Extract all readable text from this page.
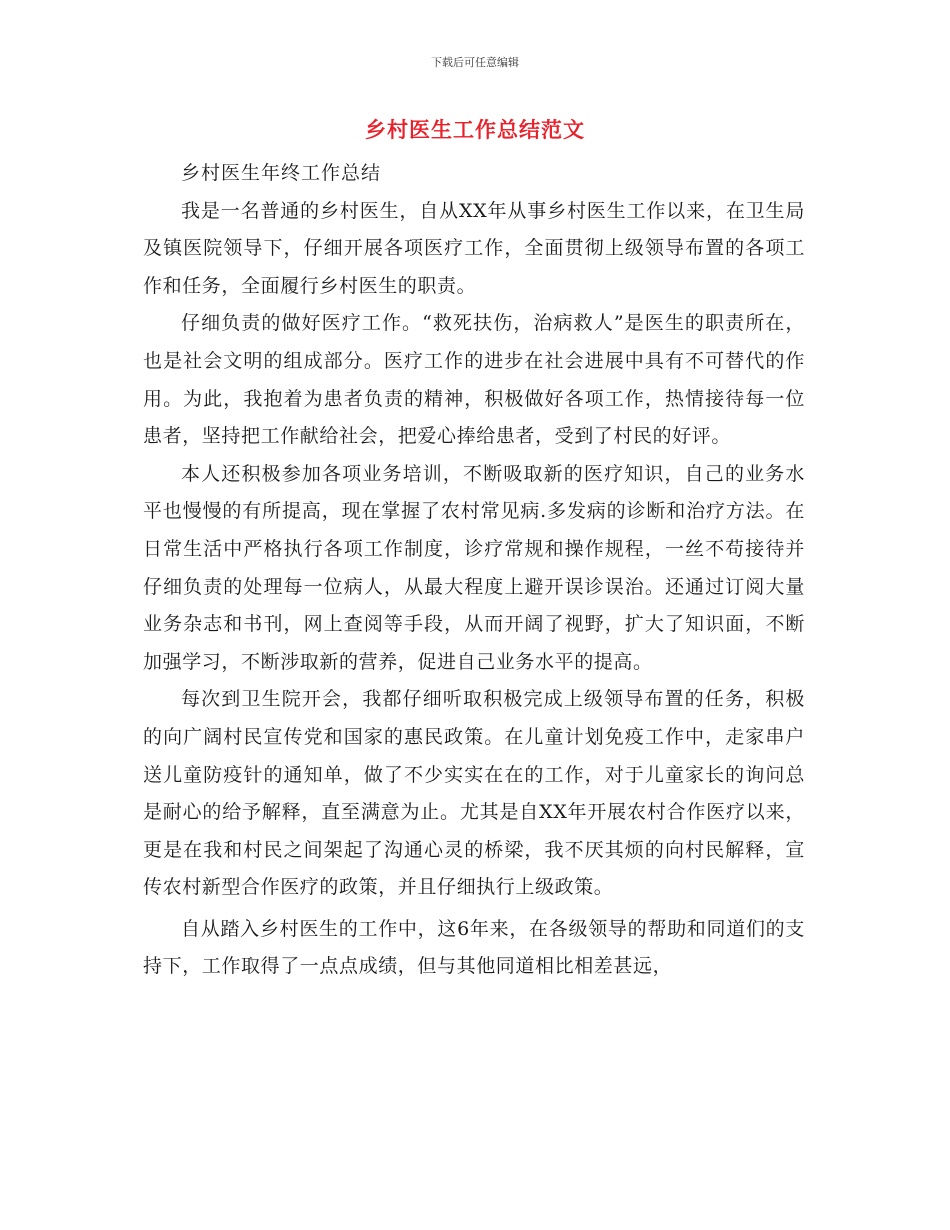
下载后可任意编辑
乡村医生工作总结范文

乡村医生年终工作总结

我是一名普通的乡村医生，自从XX年从事乡村医生工作以来，在卫生局及镇医院领导下，仔细开展各项医疗工作，全面贯彻上级领导布置的各项工作和任务，全面履行乡村医生的职责。

仔细负责的做好医疗工作。“救死扶伤，治病救人”是医生的职责所在，也是社会文明的组成部分。医疗工作的进步在社会进展中具有不可替代的作用。为此，我抱着为患者负责的精神，积极做好各项工作，热情接待每一位患者，坚持把工作献给社会，把爱心捧给患者，受到了村民的好评。

本人还积极参加各项业务培训，不断吸取新的医疗知识，自己的业务水平也慢慢的有所提高，现在掌握了农村常见病.多发病的诊断和治疗方法。在日常生活中严格执行各项工作制度，诊疗常规和操作规程，一丝不苟接待并仔细负责的处理每一位病人，从最大程度上避开误诊误治。还通过订阅大量业务杂志和书刊，网上查阅等手段，从而开阔了视野，扩大了知识面，不断加强学习，不断涉取新的营养，促进自己业务水平的提高。

每次到卫生院开会，我都仔细听取积极完成上级领导布置的任务，积极的向广阔村民宣传党和国家的惠民政策。在儿童计划免疫工作中，走家串户送儿童防疫针的通知单，做了不少实实在在的工作，对于儿童家长的询问总是耐心的给予解释，直至满意为止。尤其是自XX年开展农村合作医疗以来，更是在我和村民之间架起了沟通心灵的桥梁，我不厌其烦的向村民解释，宣传农村新型合作医疗的政策，并且仔细执行上级政策。

自从踏入乡村医生的工作中，这6年来，在各级领导的帮助和同道们的支持下，工作取得了一点点成绩，但与其他同道相比相差甚远，
